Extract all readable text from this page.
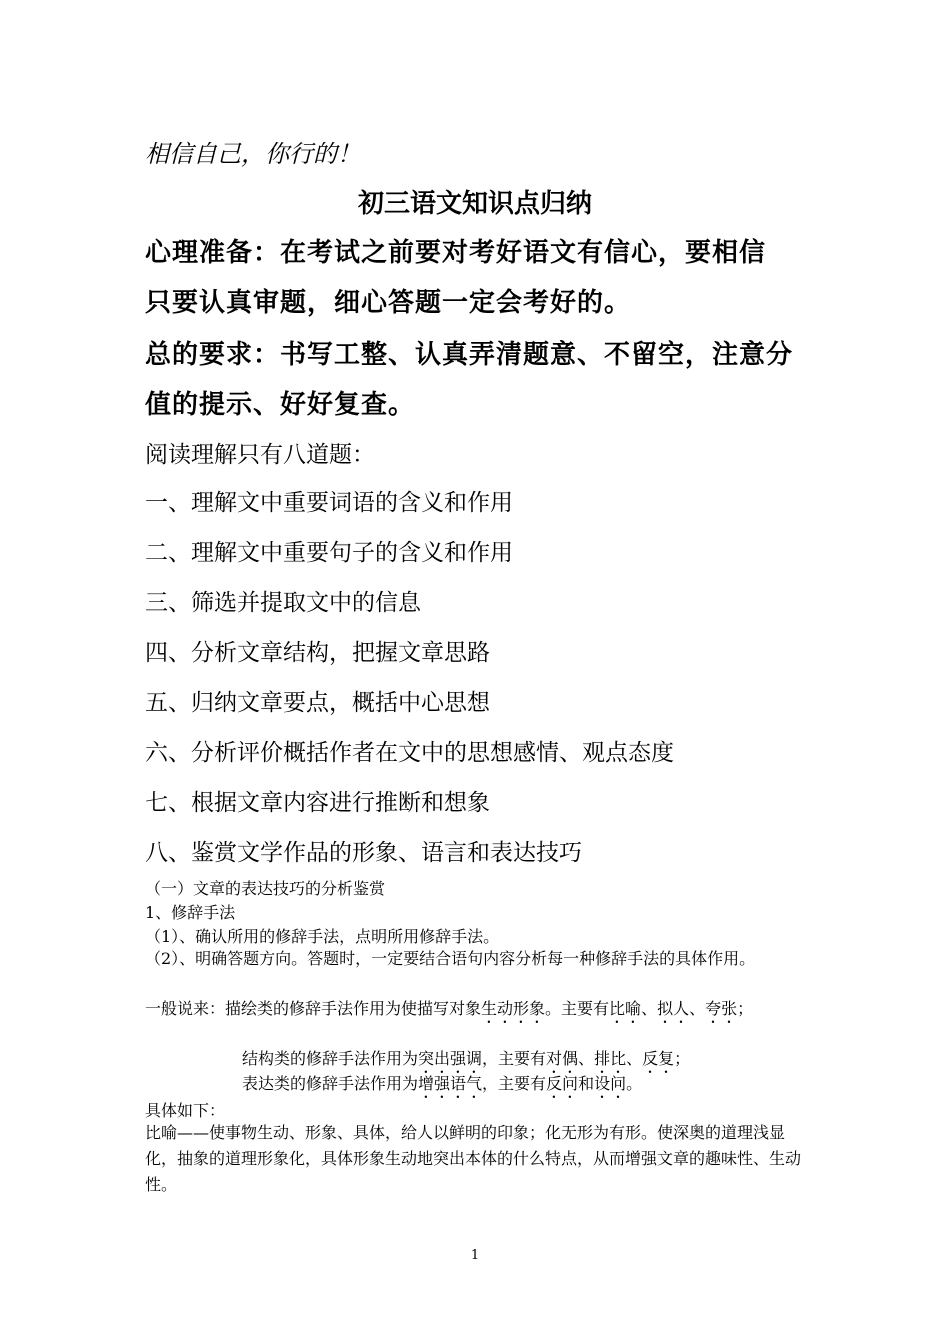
相信自己，你行的！
初三语文知识点归纳
心理准备：在考试之前要对考好语文有信心，要相信
只要认真审题，细心答题一定会考好的。
总的要求：书写工整、认真弄清题意、不留空，注意分
值的提示、好好复查。
阅读理解只有八道题：
一、理解文中重要词语的含义和作用
二、理解文中重要句子的含义和作用
三、筛选并提取文中的信息
四、分析文章结构，把握文章思路
五、归纳文章要点，概括中心思想
六、分析评价概括作者在文中的思想感情、观点态度
七、根据文章内容进行推断和想象
八、鉴赏文学作品的形象、语言和表达技巧
（一）文章的表达技巧的分析鉴赏
1、修辞手法
（1）、确认所用的修辞手法，点明所用修辞手法。
（2）、明确答题方向。答题时，一定要结合语句内容分析每一种修辞手法的具体作用。
一般说来：描绘类的修辞手法作用为使描写对象生动形象。主要有比喻、拟人、夸张；
结构类的修辞手法作用为突出强调，主要有对偶、排比、反复；
表达类的修辞手法作用为增强语气，主要有反问和设问。
具体如下：
比喻——使事物生动、形象、具体，给人以鲜明的印象；化无形为有形。使深奥的道理浅显化，抽象的道理形象化，具体形象生动地突出本体的什么特点，从而增强文章的趣味性、生动性。
1
